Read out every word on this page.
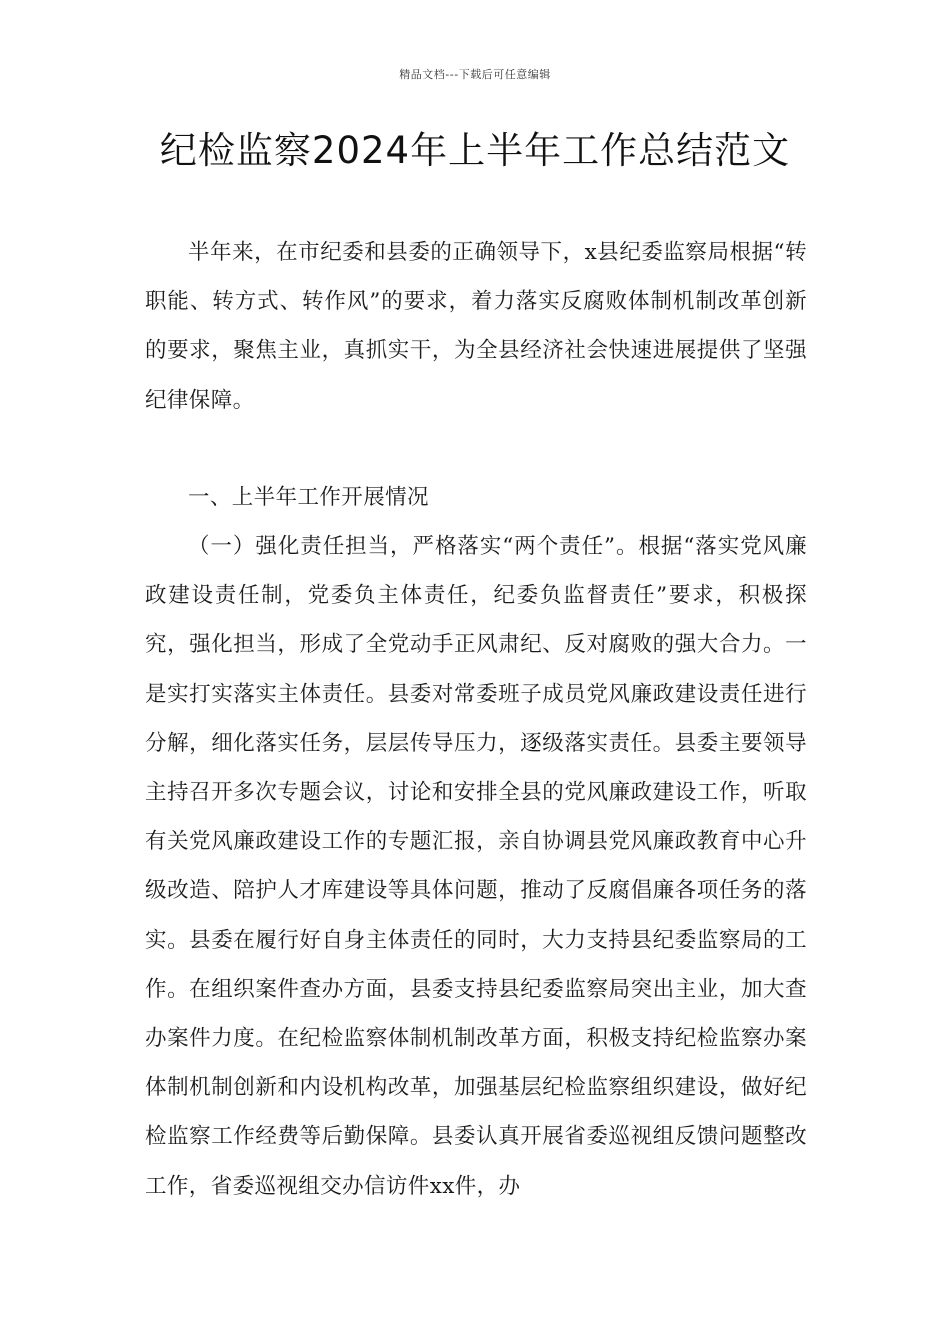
精品文档---下载后可任意编辑
纪检监察2024年上半年工作总结范文

半年来，在市纪委和县委的正确领导下，x县纪委监察局根据“转职能、转方式、转作风”的要求，着力落实反腐败体制机制改革创新的要求，聚焦主业，真抓实干，为全县经济社会快速进展提供了坚强纪律保障。

一、上半年工作开展情况

（一）强化责任担当，严格落实“两个责任”。根据“落实党风廉政建设责任制，党委负主体责任，纪委负监督责任”要求，积极探究，强化担当，形成了全党动手正风肃纪、反对腐败的强大合力。一是实打实落实主体责任。县委对常委班子成员党风廉政建设责任进行分解，细化落实任务，层层传导压力，逐级落实责任。县委主要领导主持召开多次专题会议，讨论和安排全县的党风廉政建设工作，听取有关党风廉政建设工作的专题汇报，亲自协调县党风廉政教育中心升级改造、陪护人才库建设等具体问题，推动了反腐倡廉各项任务的落实。县委在履行好自身主体责任的同时，大力支持县纪委监察局的工作。在组织案件查办方面，县委支持县纪委监察局突出主业，加大查办案件力度。在纪检监察体制机制改革方面，积极支持纪检监察办案体制机制创新和内设机构改革，加强基层纪检监察组织建设，做好纪检监察工作经费等后勤保障。县委认真开展省委巡视组反馈问题整改工作，省委巡视组交办信访件xx件，办
